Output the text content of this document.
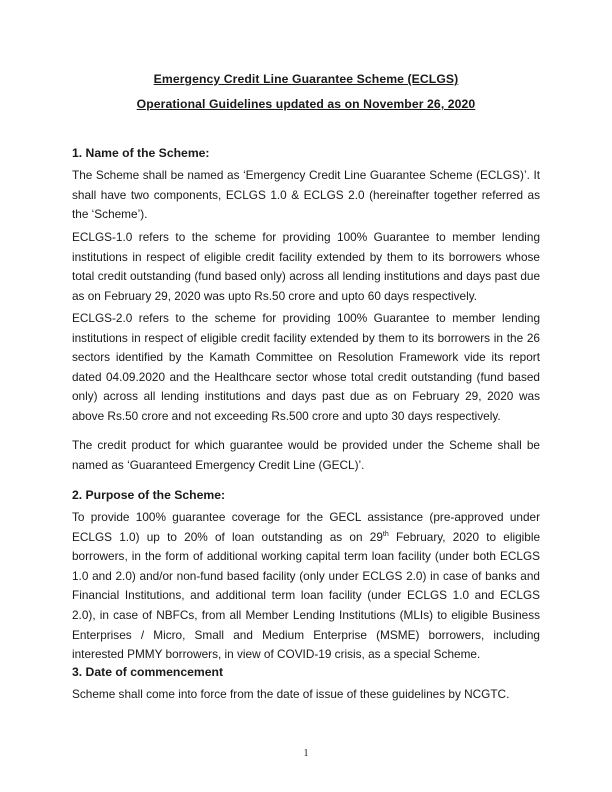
Emergency Credit Line Guarantee Scheme (ECLGS)
Operational Guidelines updated as on November 26, 2020
1. Name of the Scheme:

The Scheme shall be named as ‘Emergency Credit Line Guarantee Scheme (ECLGS)’. It shall have two components, ECLGS 1.0 & ECLGS 2.0 (hereinafter together referred as the ‘Scheme’).

ECLGS-1.0 refers to the scheme for providing 100% Guarantee to member lending institutions in respect of eligible credit facility extended by them to its borrowers whose total credit outstanding (fund based only) across all lending institutions and days past due as on February 29, 2020 was upto Rs.50 crore and upto 60 days respectively.

ECLGS-2.0 refers to the scheme for providing 100% Guarantee to member lending institutions in respect of eligible credit facility extended by them to its borrowers in the 26 sectors identified by the Kamath Committee on Resolution Framework vide its report dated 04.09.2020 and the Healthcare sector whose total credit outstanding (fund based only) across all lending institutions and days past due as on February 29, 2020 was above Rs.50 crore and not exceeding Rs.500 crore and upto 30 days respectively.

The credit product for which guarantee would be provided under the Scheme shall be named as ‘Guaranteed Emergency Credit Line (GECL)’.

2. Purpose of the Scheme:

To provide 100% guarantee coverage for the GECL assistance (pre-approved under ECLGS 1.0) up to 20% of loan outstanding as on 29th February, 2020 to eligible borrowers, in the form of additional working capital term loan facility (under both ECLGS 1.0 and 2.0) and/or non-fund based facility (only under ECLGS 2.0) in case of banks and Financial Institutions, and additional term loan facility (under ECLGS 1.0 and ECLGS 2.0), in case of NBFCs, from all Member Lending Institutions (MLIs) to eligible Business Enterprises / Micro, Small and Medium Enterprise (MSME) borrowers, including interested PMMY borrowers, in view of COVID-19 crisis, as a special Scheme.

3. Date of commencement

Scheme shall come into force from the date of issue of these guidelines by NCGTC.

1
